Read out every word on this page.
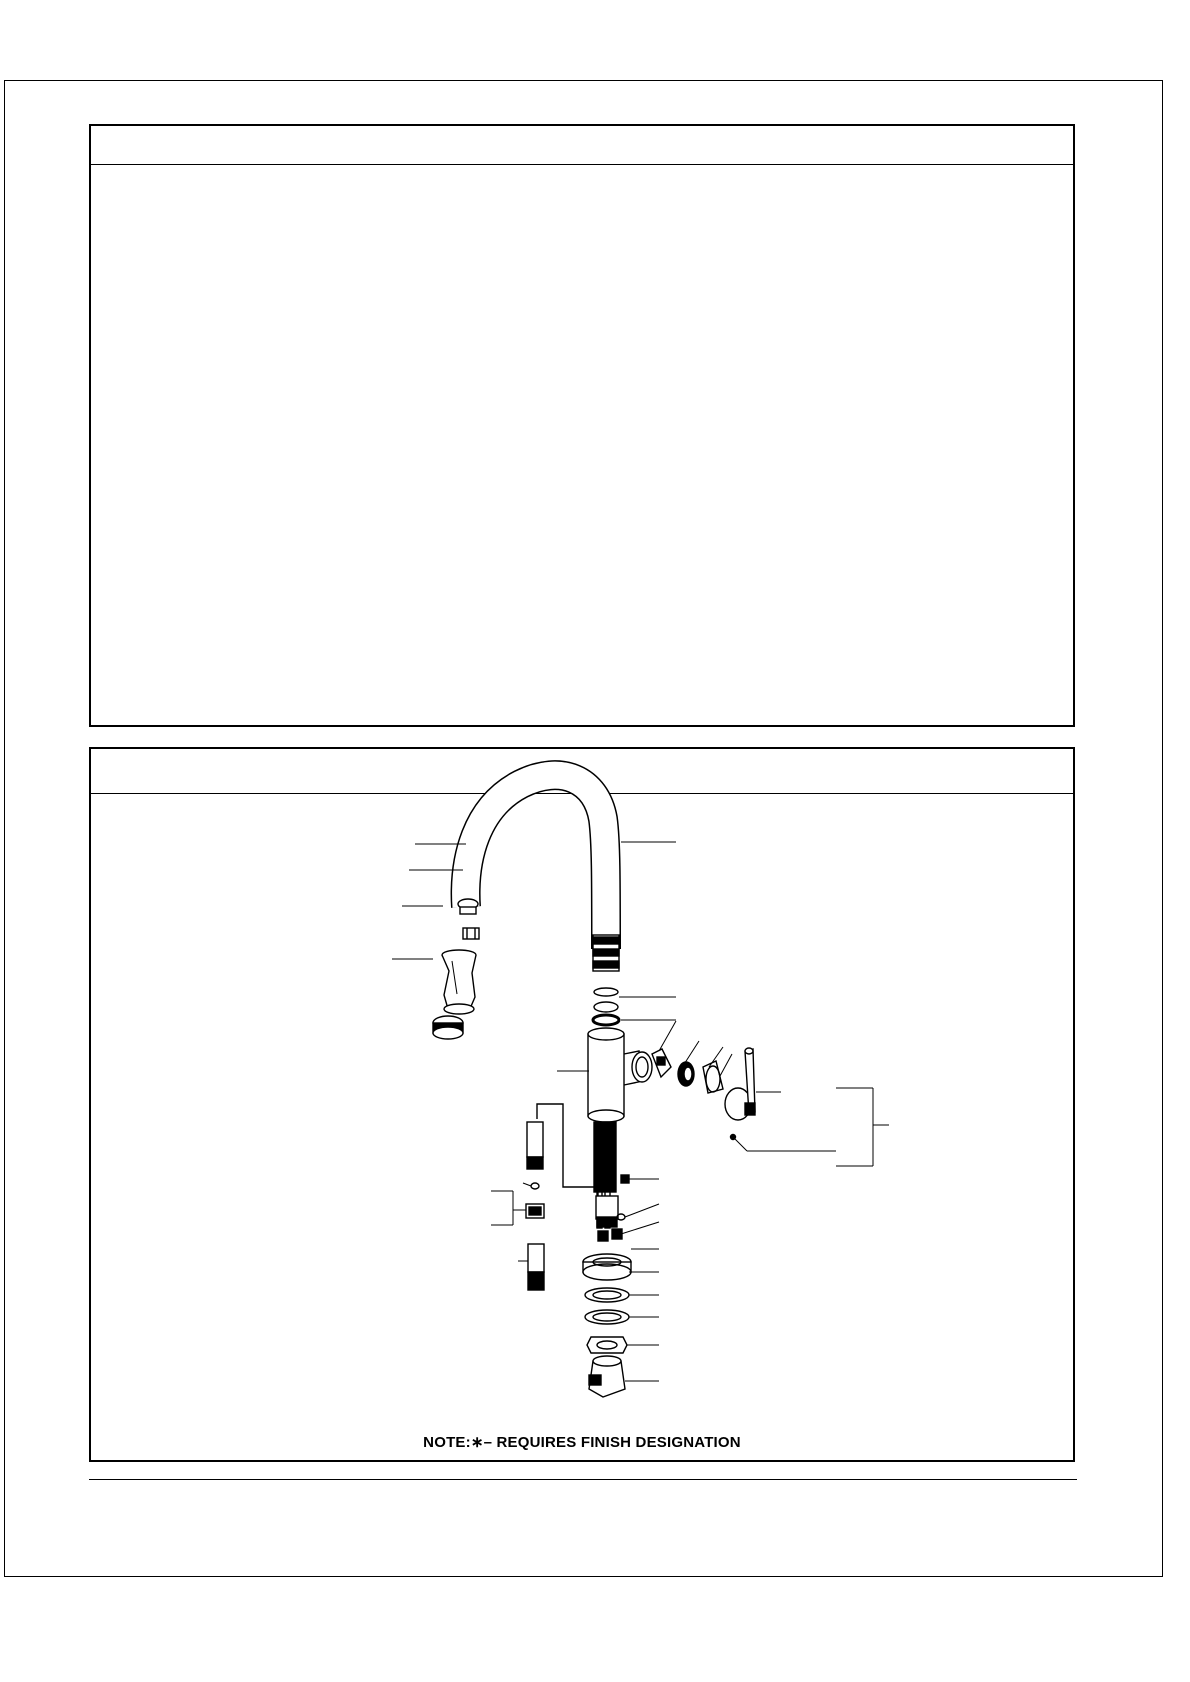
NOTE:∗– REQUIRES FINISH DESIGNATION
